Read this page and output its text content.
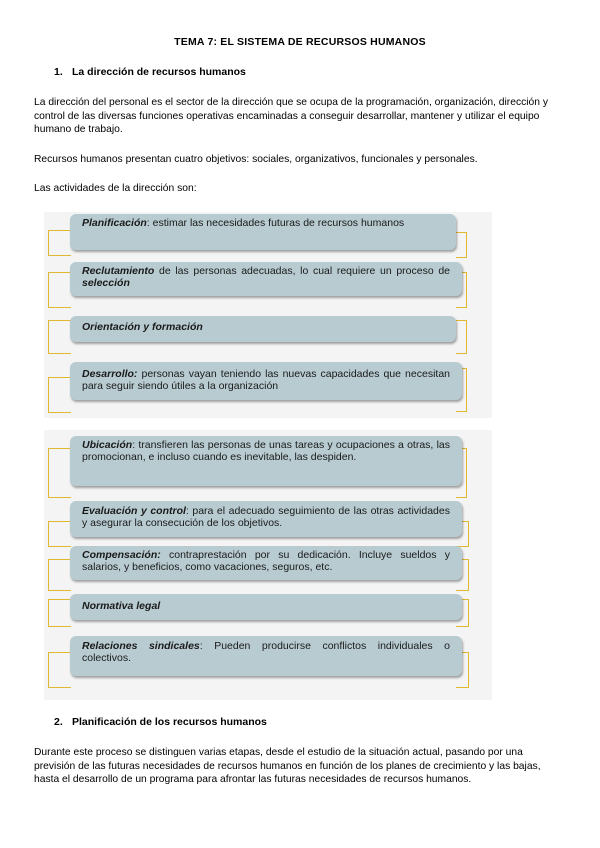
TEMA 7: EL SISTEMA DE RECURSOS HUMANOS
1. La dirección de recursos humanos
La dirección del personal es el sector de la dirección que se ocupa de la programación, organización, dirección y control de las diversas funciones operativas encaminadas a conseguir desarrollar, mantener y utilizar el equipo humano de trabajo.
Recursos humanos presentan cuatro objetivos: sociales, organizativos, funcionales y personales.
Las actividades de la dirección son:
Planificación: estimar las necesidades futuras de recursos humanos
Reclutamiento de las personas adecuadas, lo cual requiere un proceso de selección
Orientación y formación
Desarrollo: personas vayan teniendo las nuevas capacidades que necesitan para seguir siendo útiles a la organización
Ubicación: transfieren las personas de unas tareas y ocupaciones a otras, las promocionan, e incluso cuando es inevitable, las despiden.
Evaluación y control: para el adecuado seguimiento de las otras actividades y asegurar la consecución de los objetivos.
Compensación: contraprestación por su dedicación. Incluye sueldos y salarios, y beneficios, como vacaciones, seguros, etc.
Normativa legal
Relaciones sindicales: Pueden producirse conflictos individuales o colectivos.
2. Planificación de los recursos humanos
Durante este proceso se distinguen varias etapas, desde el estudio de la situación actual, pasando por una previsión de las futuras necesidades de recursos humanos en función de los planes de crecimiento y las bajas, hasta el desarrollo de un programa para afrontar las futuras necesidades de recursos humanos.
